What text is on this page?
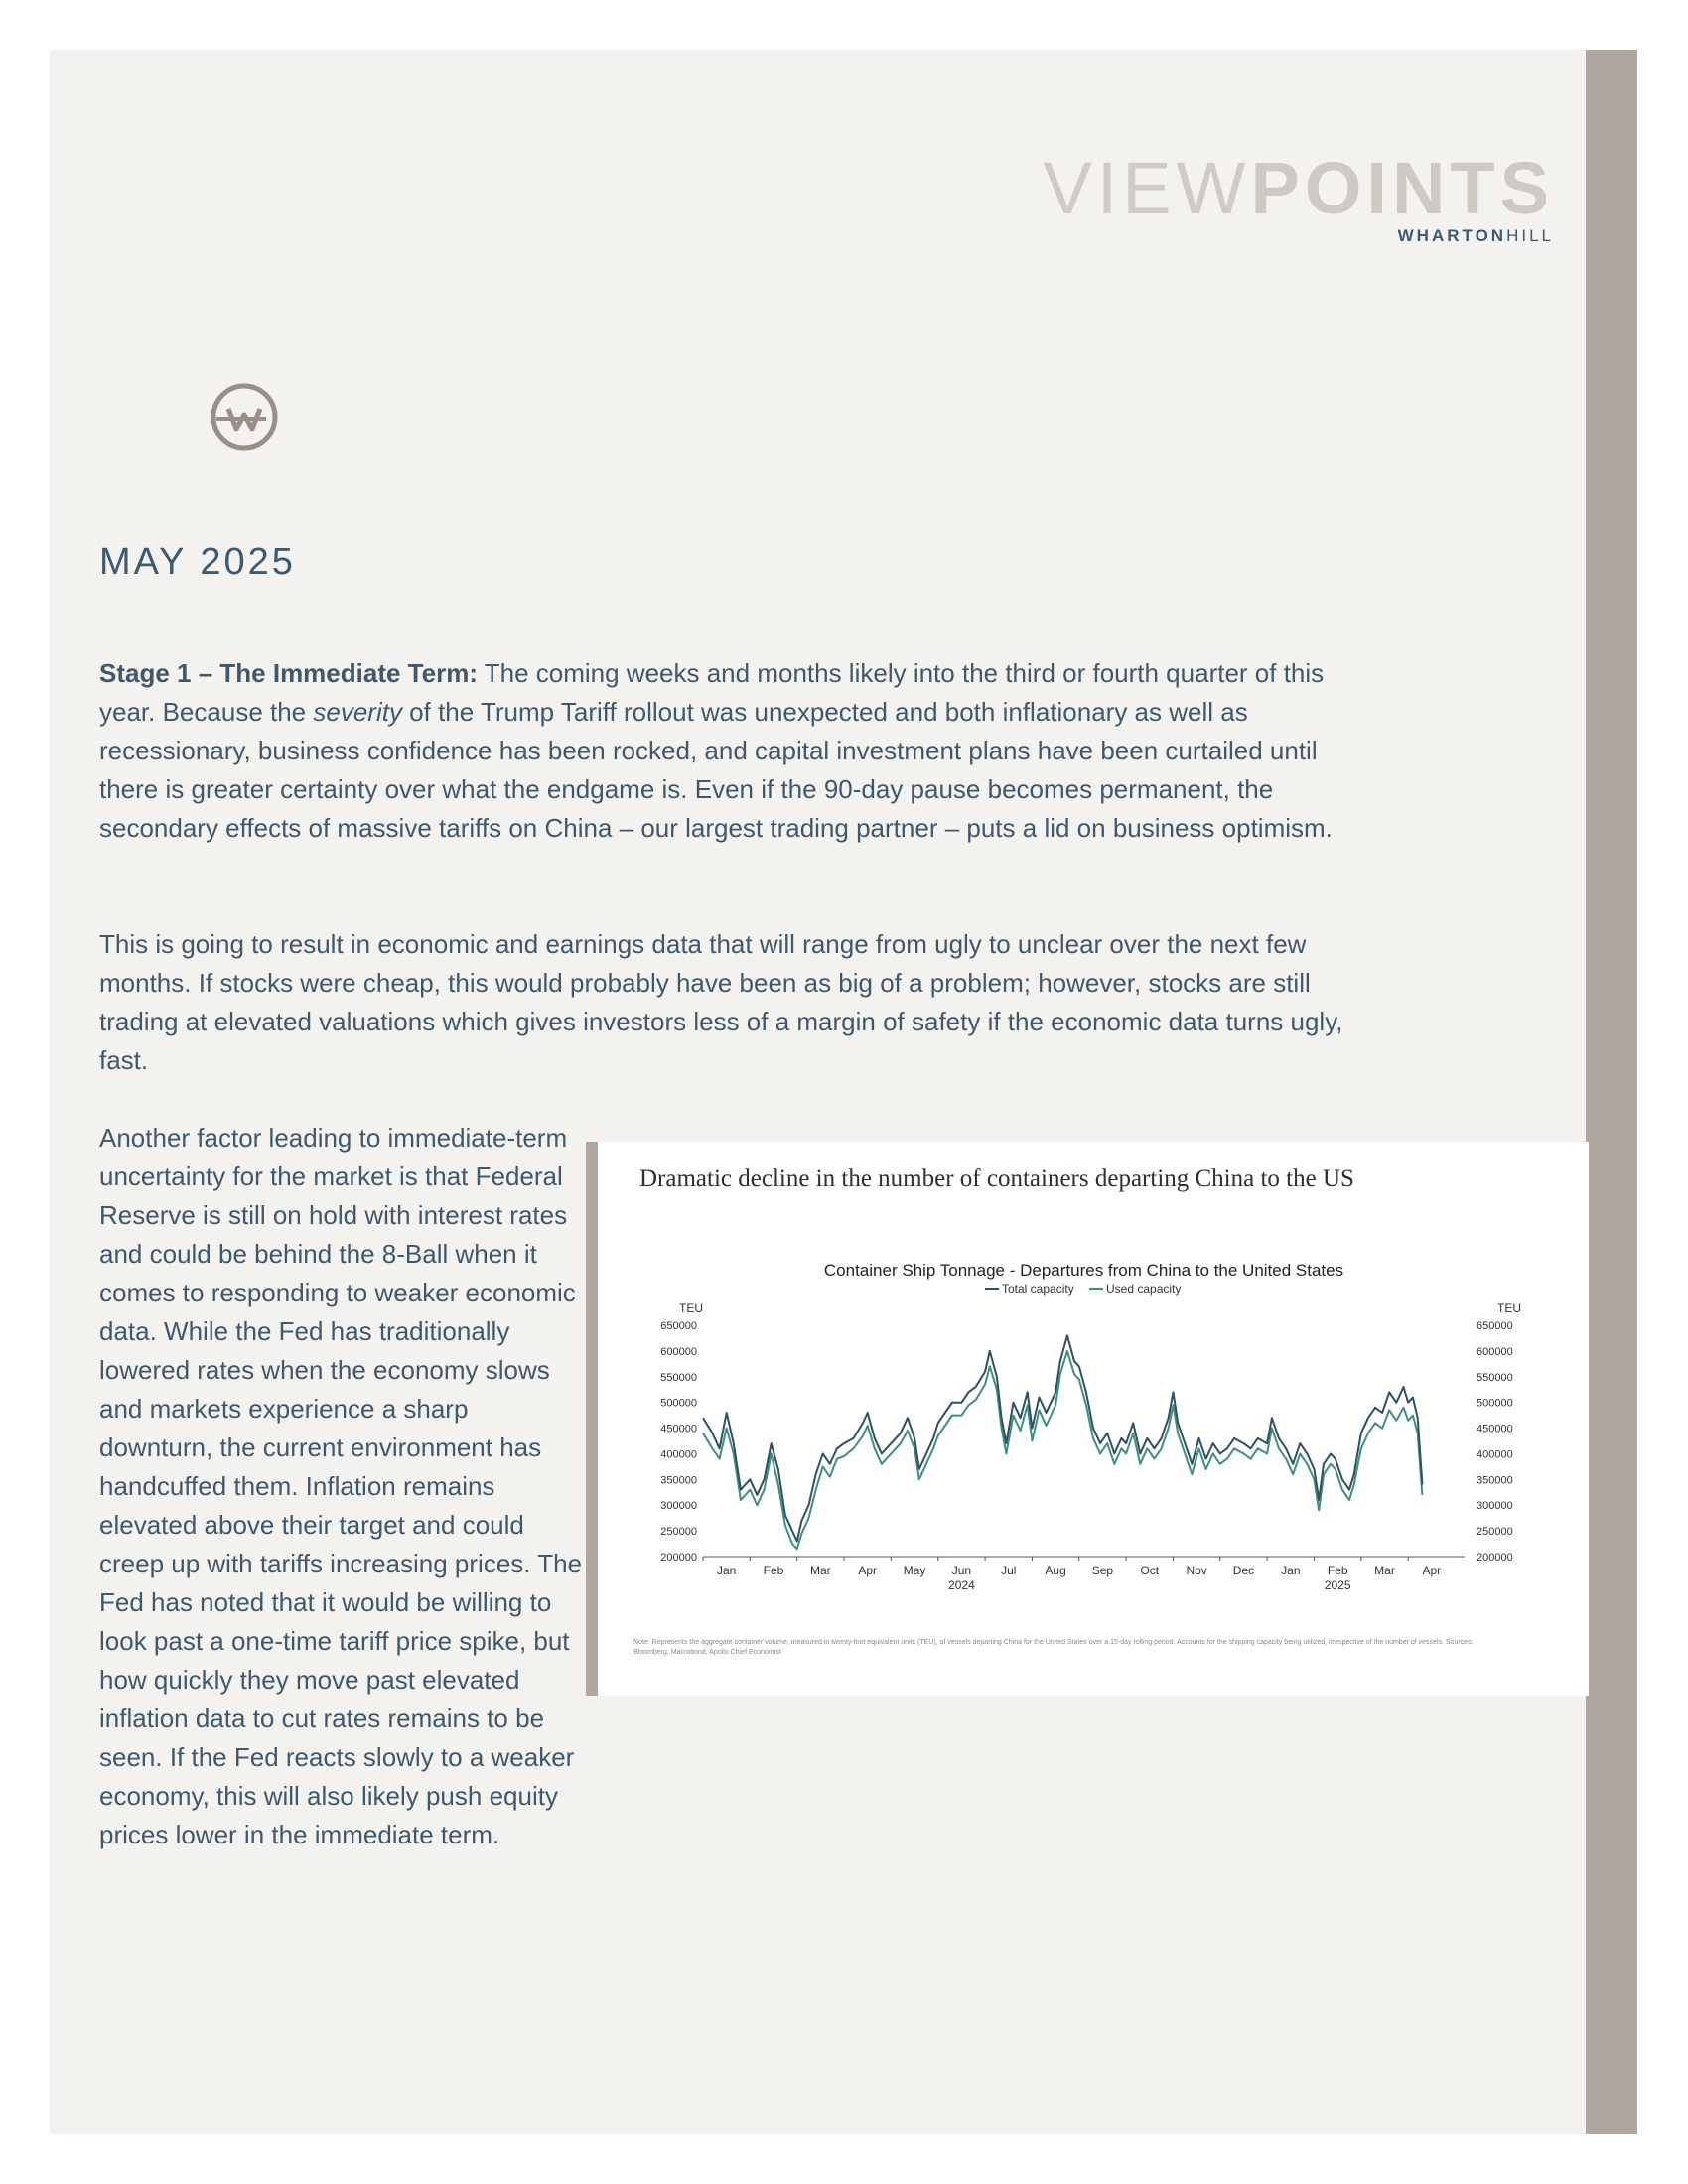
VIEWPOINTS
WHARTONHILL
MAY 2025

Stage 1 – The Immediate Term: The coming weeks and months likely into the third or fourth quarter of this year. Because the severity of the Trump Tariff rollout was unexpected and both inflationary as well as recessionary, business confidence has been rocked, and capital investment plans have been curtailed until there is greater certainty over what the endgame is. Even if the 90-day pause becomes permanent, the secondary effects of massive tariffs on China – our largest trading partner – puts a lid on business optimism.

This is going to result in economic and earnings data that will range from ugly to unclear over the next few months. If stocks were cheap, this would probably have been as big of a problem; however, stocks are still trading at elevated valuations which gives investors less of a margin of safety if the economic data turns ugly, fast.

Another factor leading to immediate-term uncertainty for the market is that Federal Reserve is still on hold with interest rates and could be behind the 8-Ball when it comes to responding to weaker economic data. While the Fed has traditionally lowered rates when the economy slows and markets experience a sharp downturn, the current environment has handcuffed them. Inflation remains elevated above their target and could creep up with tariffs increasing prices. The Fed has noted that it would be willing to look past a one-time tariff price spike, but how quickly they move past elevated inflation data to cut rates remains to be seen. If the Fed reacts slowly to a weaker economy, this will also likely push equity prices lower in the immediate term.

Dramatic decline in the number of containers departing China to the US
Container Ship Tonnage - Departures from China to the United States
Total capacity	Used capacity
TEU	TEU
200000	200000
250000	250000
300000	300000
350000	350000
400000	400000
450000	450000
500000	500000
550000	550000
600000	600000
650000	650000
Jan Feb Mar Apr May Jun Jul Aug Sep Oct Nov Dec Jan Feb Mar Apr
2024	2025
Note: Represents the aggregate container volume, measured in twenty-foot equivalent units (TEU), of vessels departing China for the United States over a 15-day rolling period. Accounts for the shipping capacity being utilized, irrespective of the number of vessels. Sources: Bloomberg, Macrobond, Apollo Chief Economist
